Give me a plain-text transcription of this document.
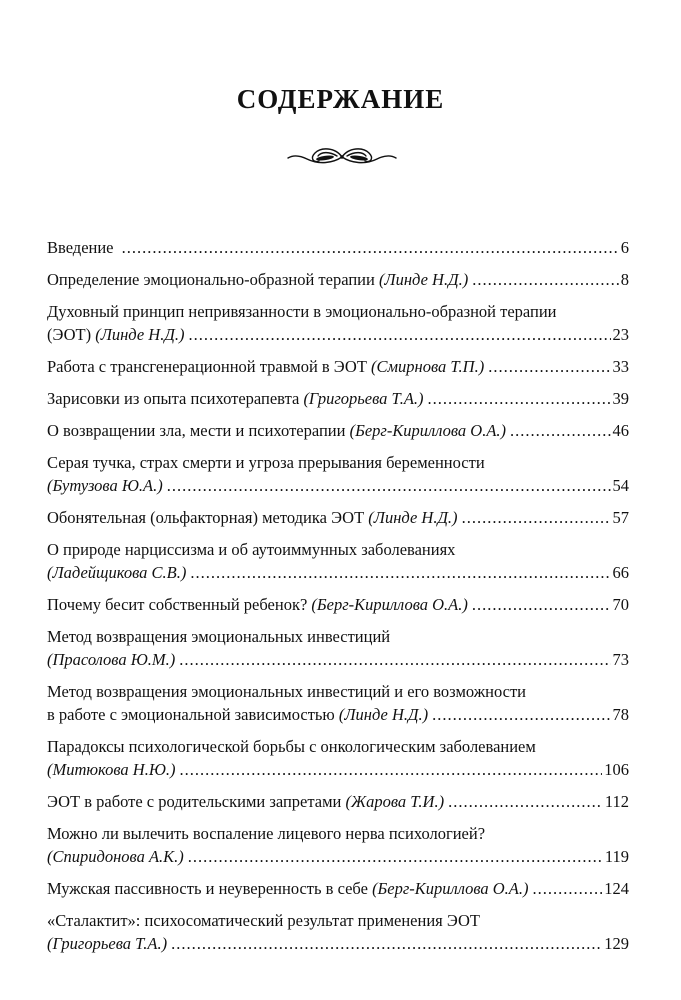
СОДЕРЖАНИЕ
Введение .....	6
Определение эмоционально-образной терапии (Линде Н.Д.) .....	8
Духовный принцип непривязанности в эмоционально-образной терапии
(ЭОТ) (Линде Н.Д.) .....	23
Работа с трансгенерационной травмой в ЭОТ (Смирнова Т.П.) .....	33
Зарисовки из опыта психотерапевта (Григорьева Т.А.) .....	39
О возвращении зла, мести и психотерапии (Берг-Кириллова О.А.) .....	46
Серая тучка, страх смерти и угроза прерывания беременности
(Бутузова Ю.А.) .....	54
Обонятельная (ольфакторная) методика ЭОТ (Линде Н.Д.) .....	57
О природе нарциссизма и об аутоиммунных заболеваниях
(Ладейщикова С.В.) .....	66
Почему бесит собственный ребенок? (Берг-Кириллова О.А.) .....	70
Метод возвращения эмоциональных инвестиций
(Прасолова Ю.М.) .....	73
Метод возвращения эмоциональных инвестиций и его возможности
в работе с эмоциональной зависимостью (Линде Н.Д.) .....	78
Парадоксы психологической борьбы с онкологическим заболеванием
(Митюкова Н.Ю.) .....	106
ЭОТ в работе с родительскими запретами (Жарова Т.И.) .....	112
Можно ли вылечить воспаление лицевого нерва психологией?
(Спиридонова А.К.) .....	119
Мужская пассивность и неуверенность в себе (Берг-Кириллова О.А.) .....	124
«Сталактит»: психосоматический результат применения ЭОТ
(Григорьева Т.А.) .....	129
